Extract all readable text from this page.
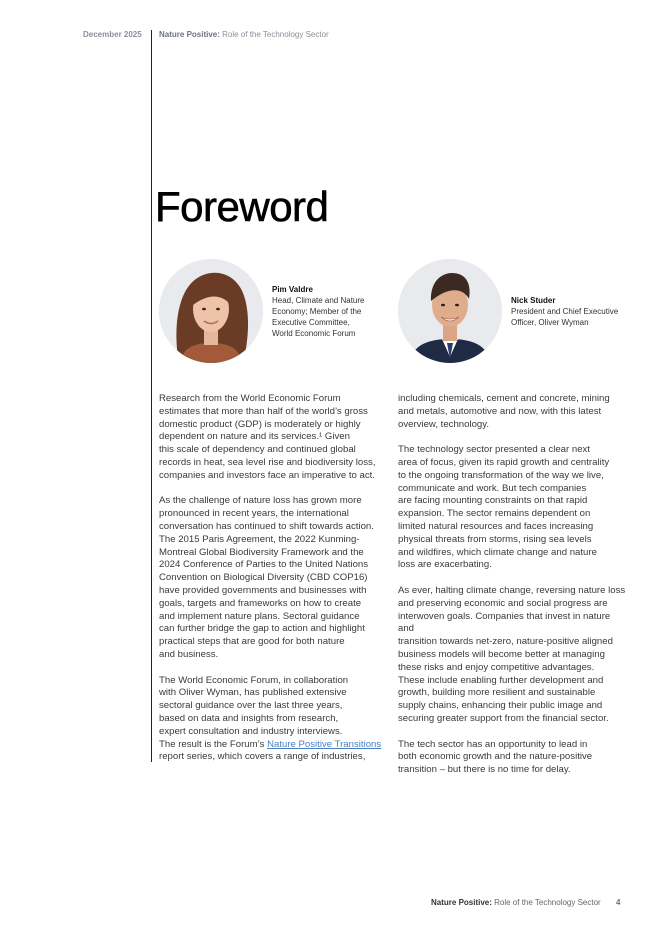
December 2025 Nature Positive: Role of the Technology Sector
Foreword
Pim Valdre
Head, Climate and Nature
Economy; Member of the
Executive Committee,
World Economic Forum
Nick Studer
President and Chief Executive
Officer, Oliver Wyman

Research from the World Economic Forum
estimates that more than half of the world’s gross
domestic product (GDP) is moderately or highly
dependent on nature and its services.¹ Given
this scale of dependency and continued global
records in heat, sea level rise and biodiversity loss,
companies and investors face an imperative to act.

As the challenge of nature loss has grown more
pronounced in recent years, the international
conversation has continued to shift towards action.
The 2015 Paris Agreement, the 2022 Kunming-
Montreal Global Biodiversity Framework and the
2024 Conference of Parties to the United Nations
Convention on Biological Diversity (CBD COP16)
have provided governments and businesses with
goals, targets and frameworks on how to create
and implement nature plans. Sectoral guidance
can further bridge the gap to action and highlight
practical steps that are good for both nature
and business.

The World Economic Forum, in collaboration
with Oliver Wyman, has published extensive
sectoral guidance over the last three years,
based on data and insights from research,
expert consultation and industry interviews.
The result is the Forum’s Nature Positive Transitions
report series, which covers a range of industries,

including chemicals, cement and concrete, mining
and metals, automotive and now, with this latest
overview, technology.

The technology sector presented a clear next
area of focus, given its rapid growth and centrality
to the ongoing transformation of the way we live,
communicate and work. But tech companies
are facing mounting constraints on that rapid
expansion. The sector remains dependent on
limited natural resources and faces increasing
physical threats from storms, rising sea levels
and wildfires, which climate change and nature
loss are exacerbating.

As ever, halting climate change, reversing nature loss
and preserving economic and social progress are
interwoven goals. Companies that invest in nature and
transition towards net-zero, nature-positive aligned
business models will become better at managing
these risks and enjoy competitive advantages.
These include enabling further development and
growth, building more resilient and sustainable
supply chains, enhancing their public image and
securing greater support from the financial sector.

The tech sector has an opportunity to lead in
both economic growth and the nature-positive
transition – but there is no time for delay.

Nature Positive: Role of the Technology Sector 4
